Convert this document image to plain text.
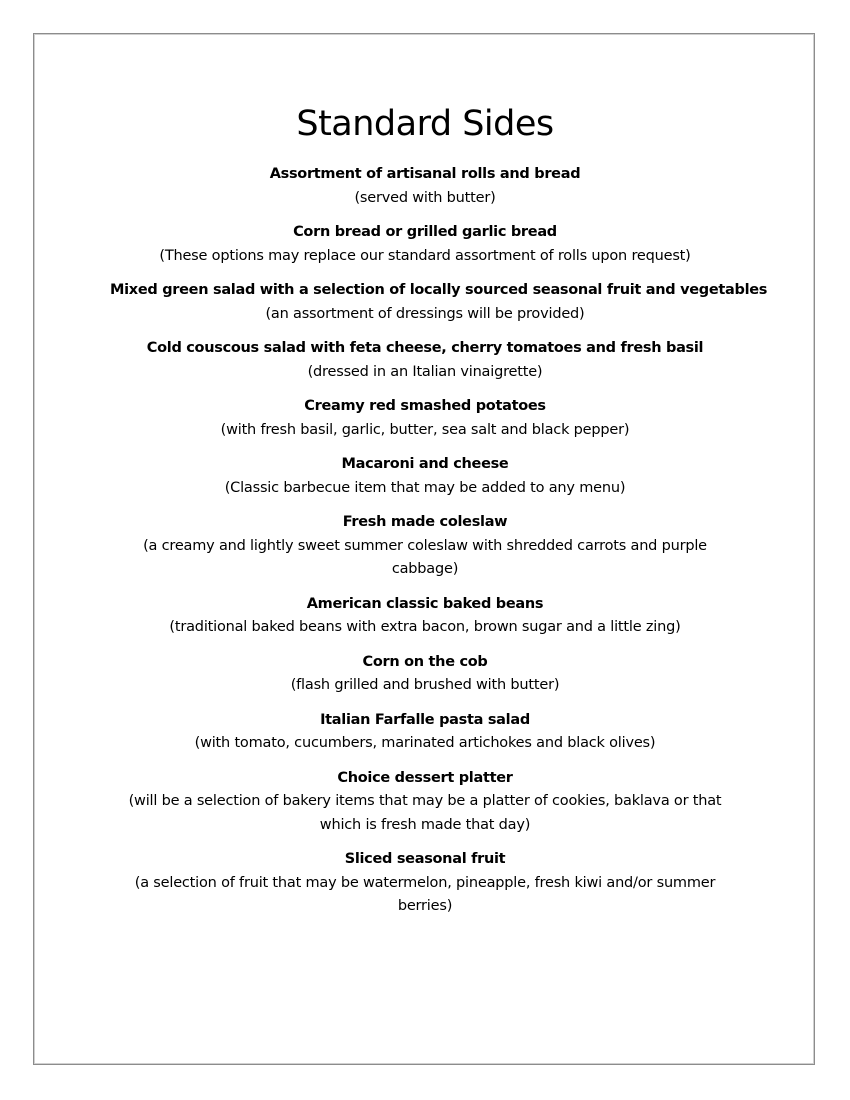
Standard Sides
Assortment of artisanal rolls and bread
(served with butter)
Corn bread or grilled garlic bread
(These options may replace our standard assortment of rolls upon request)
Mixed green salad with a selection of locally sourced seasonal fruit and vegetables
(an assortment of dressings will be provided)
Cold couscous salad with feta cheese, cherry tomatoes and fresh basil
(dressed in an Italian vinaigrette)
Creamy red smashed potatoes
(with fresh basil, garlic, butter, sea salt and black pepper)
Macaroni and cheese
(Classic barbecue item that may be added to any menu)
Fresh made coleslaw
(a creamy and lightly sweet summer coleslaw with shredded carrots and purple cabbage)
American classic baked beans
(traditional baked beans with extra bacon, brown sugar and a little zing)
Corn on the cob
(flash grilled and brushed with butter)
Italian Farfalle pasta salad
(with tomato, cucumbers, marinated artichokes and black olives)
Choice dessert platter
(will be a selection of bakery items that may be a platter of cookies, baklava or that which is fresh made that day)
Sliced seasonal fruit
(a selection of fruit that may be watermelon, pineapple, fresh kiwi and/or summer berries)
